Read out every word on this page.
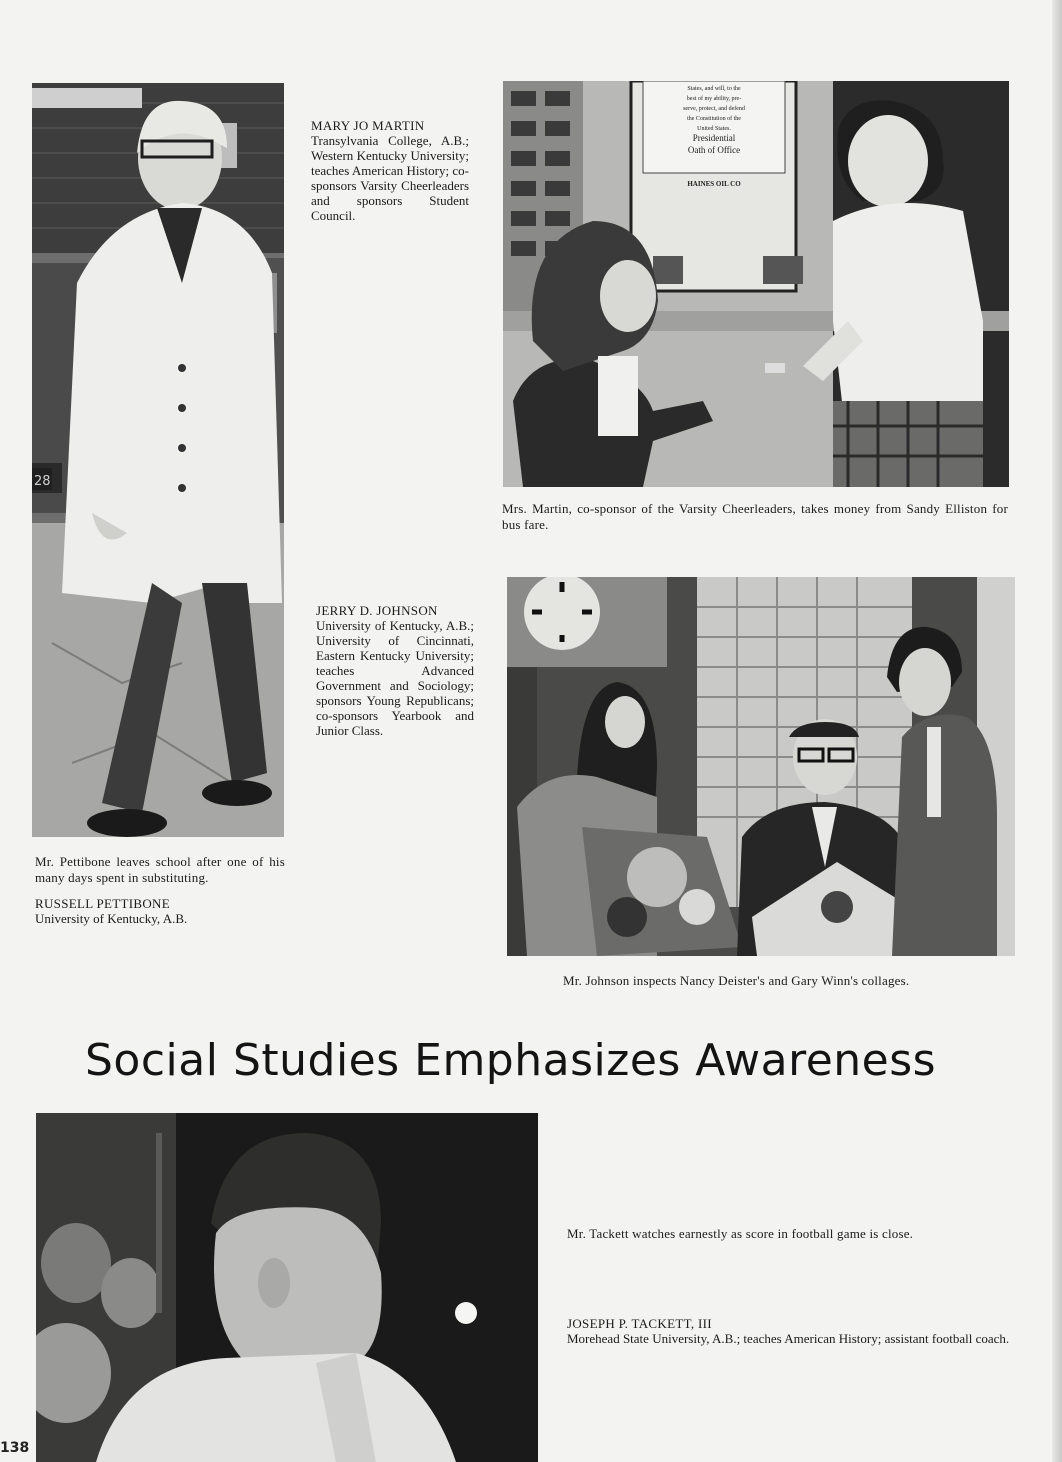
28
MARY JO MARTIN
Transylvania College, A.B.; Western Kentucky University; teaches American History; co-sponsors Varsity Cheerleaders and sponsors Student Council.
States, and will, to the
best of my ability, pre-
serve, protect, and defend
the Constitution of the
United States.
Presidential
Oath of Office
HAINES OIL CO
Mrs. Martin, co-sponsor of the Varsity Cheerleaders, takes money from Sandy Elliston for bus fare.
JERRY D. JOHNSON
University of Kentucky, A.B.; University of Cincinnati, Eastern Kentucky University; teaches Advanced Government and Sociology; sponsors Young Republicans; co-sponsors Yearbook and Junior Class.
Mr. Johnson inspects Nancy Deister's and Gary Winn's collages.
Mr. Pettibone leaves school after one of his many days spent in substituting.
RUSSELL PETTIBONE
University of Kentucky, A.B.
Social Studies Emphasizes Awareness
Mr. Tackett watches earnestly as score in football game is close.
JOSEPH P. TACKETT, III
Morehead State University, A.B.; teaches American History; assistant football coach.
138
